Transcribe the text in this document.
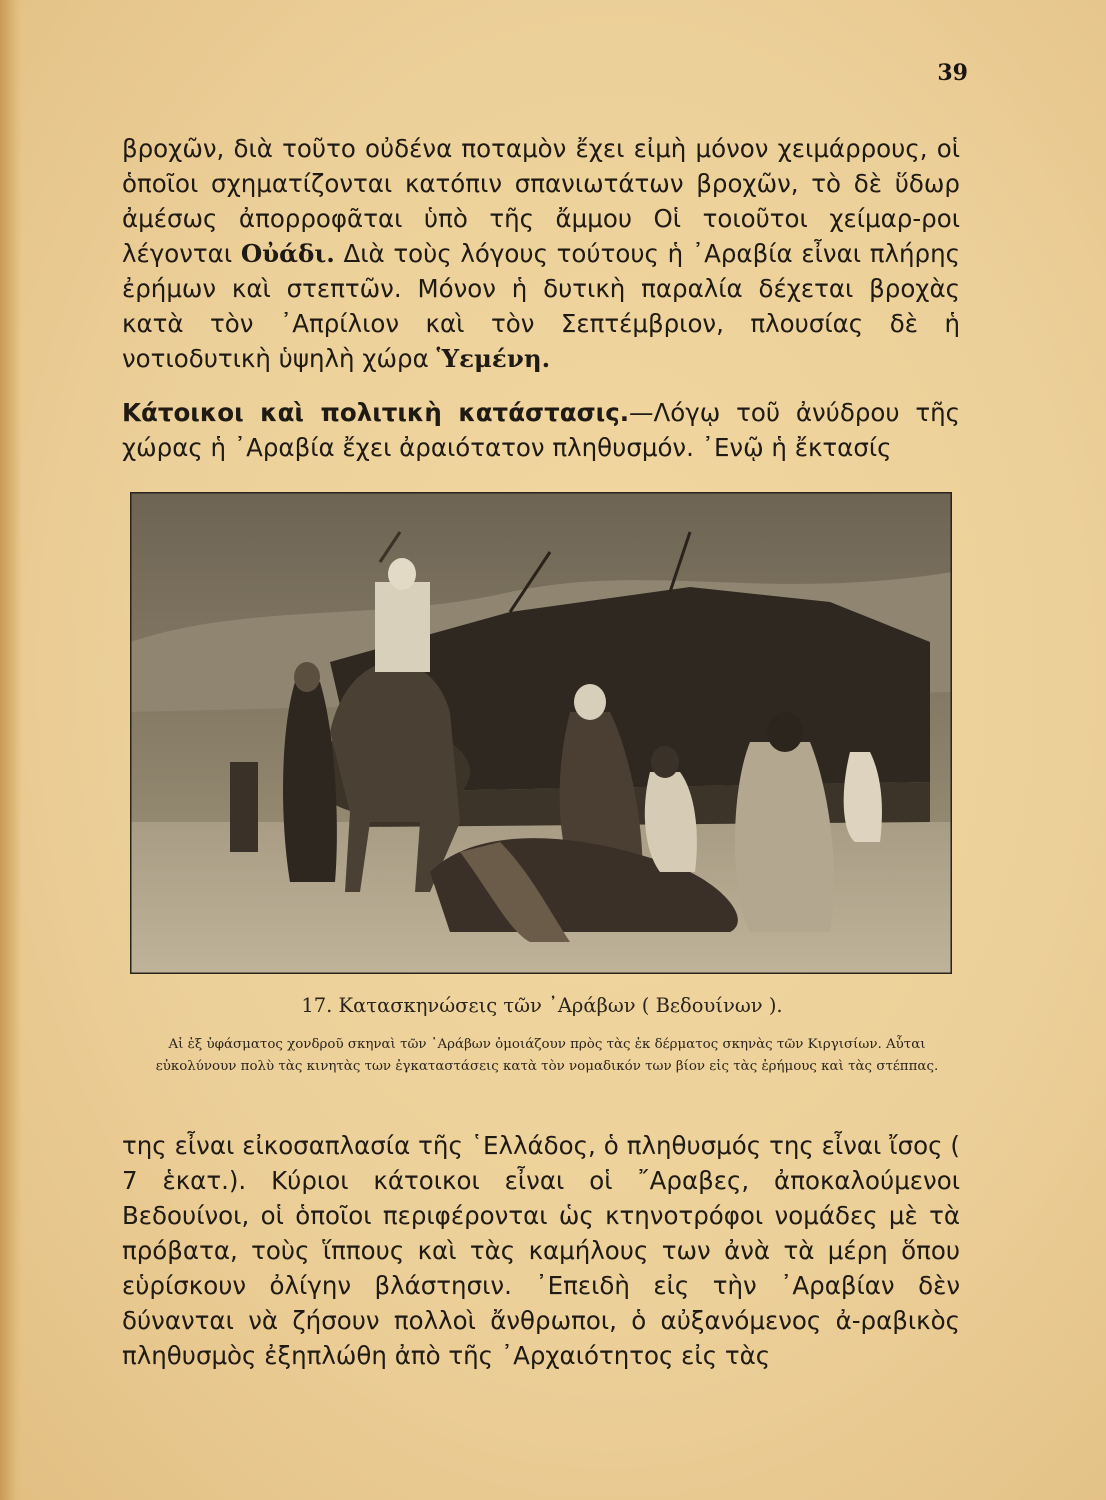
39

βροχῶν, διὰ τοῦτο οὐδένα ποταμὸν ἔχει εἰμὴ μόνον χειμάρρους, οἱ ὁποῖοι σχηματίζονται κατόπιν σπανιωτάτων βροχῶν, τὸ δὲ ὕδωρ ἀμέσως ἀπορροφᾶται ὑπὸ τῆς ἄμμου Οἱ τοιοῦτοι χείμαρ-ροι λέγονται Οὐάδι. Διὰ τοὺς λόγους τούτους ἡ ᾿Αραβία εἶναι πλήρης ἐρήμων καὶ στεπτῶν. Μόνον ἡ δυτικὴ παραλία δέχεται βροχὰς κατὰ τὸν ᾿Απρίλιον καὶ τὸν Σεπτέμβριον, πλουσίας δὲ ἡ νοτιοδυτικὴ ὑψηλὴ χώρα Ὑεμένη.

Κάτοικοι καὶ πολιτικὴ κατάστασις.—Λόγῳ τοῦ ἀνύδρου τῆς χώρας ἡ ᾿Αραβία ἔχει ἀραιότατον πληθυσμόν. ᾿Ενῷ ἡ ἔκτασίς

17. Κατασκηνώσεις τῶν ᾿Αράβων ( Βεδουίνων ).

Αἱ ἐξ ὑφάσματος χονδροῦ σκηναὶ τῶν ᾿Αράβων ὁμοιάζουν πρὸς τὰς ἐκ δέρματος σκηνὰς τῶν Κιργισίων. Αὗται εὐκολύνουν πολὺ τὰς κινητὰς των ἐγκαταστάσεις κατὰ τὸν νομαδικόν των βίον εἰς τὰς ἐρήμους καὶ τὰς στέππας.

της εἶναι εἰκοσαπλασία τῆς ῾Ελλάδος, ὁ πληθυσμός της εἶναι ἴσος ( 7 ἑκατ.). Κύριοι κάτοικοι εἶναι οἱ ῎Αραβες, ἀποκαλούμενοι Βεδουίνοι, οἱ ὁποῖοι περιφέρονται ὡς κτηνοτρόφοι νομάδες μὲ τὰ πρόβατα, τοὺς ἵππους καὶ τὰς καμήλους των ἀνὰ τὰ μέρη ὅπου εὑρίσκουν ὀλίγην βλάστησιν. ᾿Επειδὴ εἰς τὴν ᾿Αραβίαν δὲν δύνανται νὰ ζήσουν πολλοὶ ἄνθρωποι, ὁ αὐξανόμενος ἀ-ραβικὸς πληθυσμὸς ἐξηπλώθη ἀπὸ τῆς ᾿Αρχαιότητος εἰς τὰς
